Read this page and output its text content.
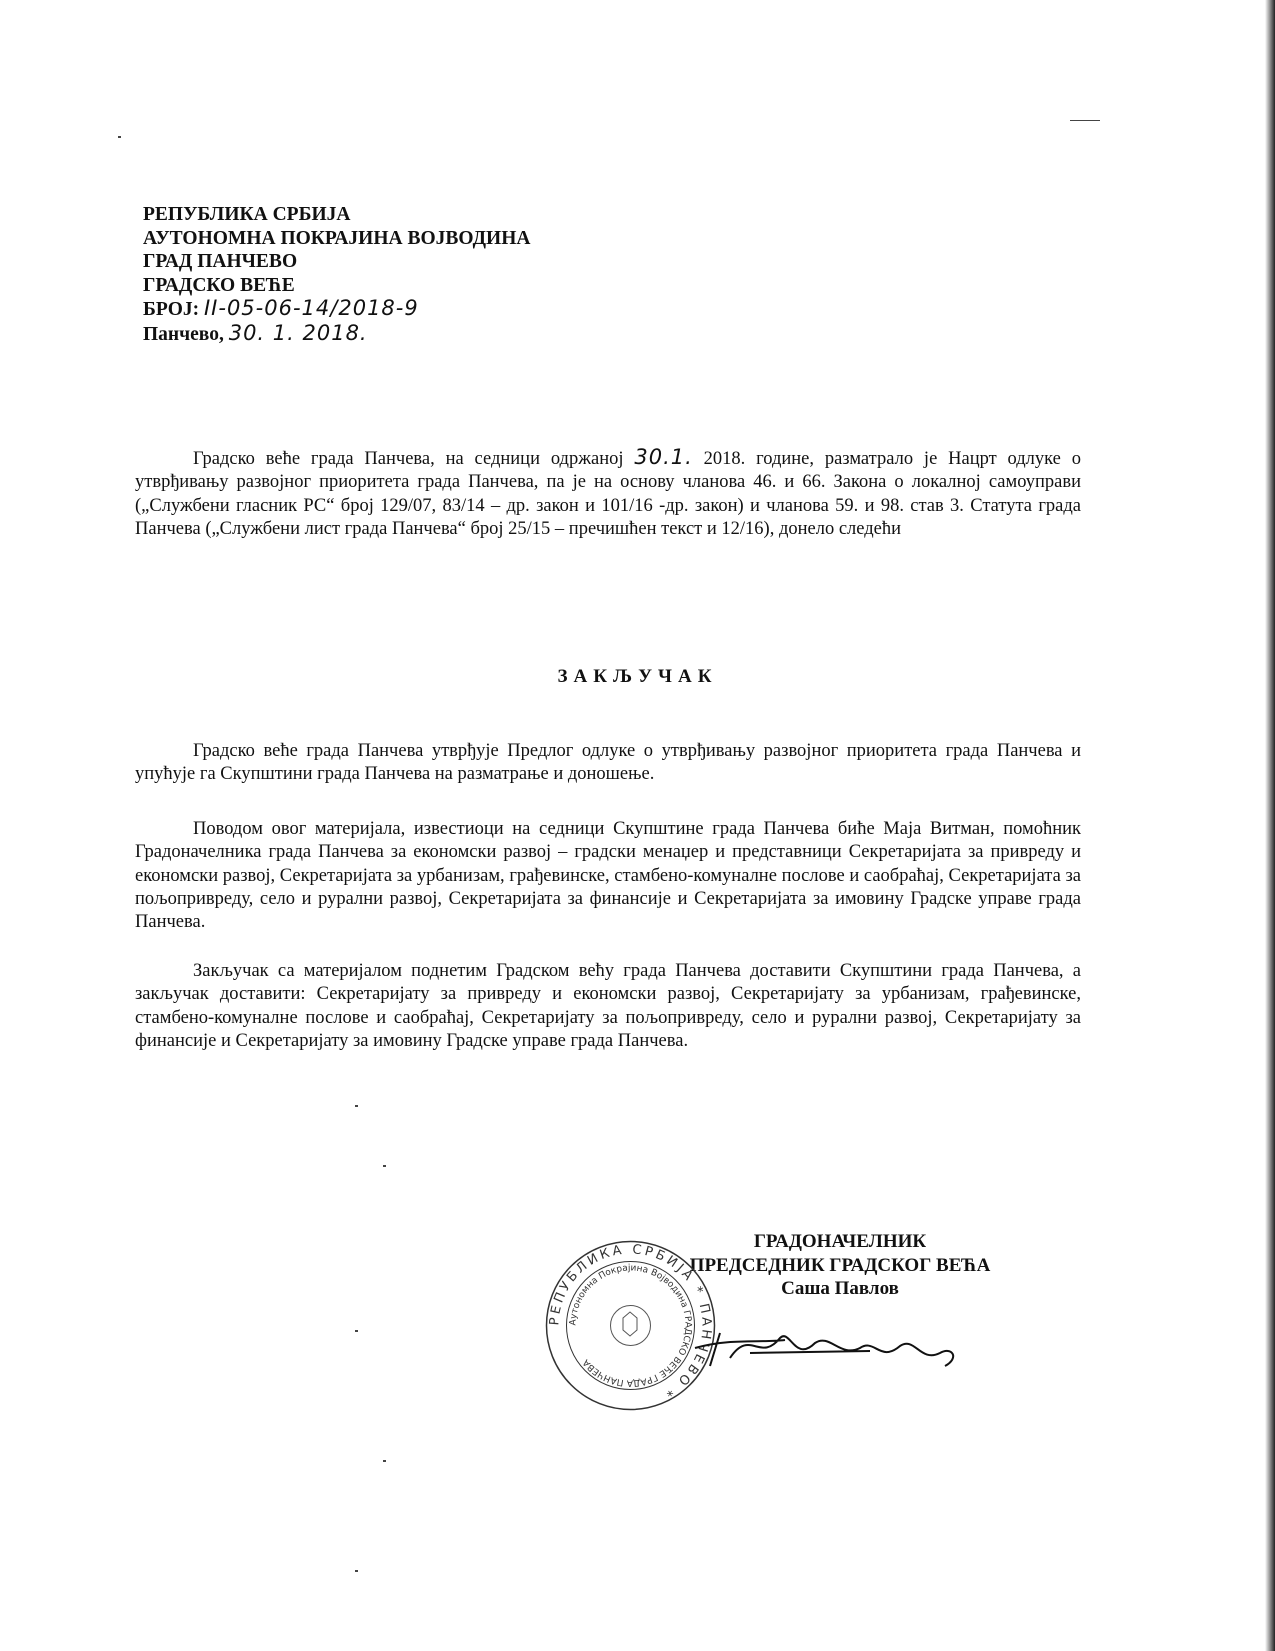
РЕПУБЛИКА СРБИЈА
АУТОНОМНА ПОКРАЈИНА ВОЈВОДИНА
ГРАД ПАНЧЕВО
ГРАДСКО ВЕЋЕ
БРОЈ: II-05-06-14/2018-9
Панчево, 30. 1. 2018.
Градско веће града Панчева, на седници одржаној 30.1. 2018. године, разматрало је Нацрт одлуке о утврђивању развојног приоритета града Панчева, па је на основу чланова 46. и 66. Закона о локалној самоуправи („Службени гласник РС“ број 129/07, 83/14 – др. закон и 101/16 -др. закон) и чланова 59. и 98. став 3. Статута града Панчева („Службени лист града Панчева“ број 25/15 – пречишћен текст и 12/16), донело следећи
ЗАКЉУЧАК
Градско веће града Панчева утврђује Предлог одлуке о утврђивању развојног приоритета града Панчева и упућује га Скупштини града Панчева на разматрање и доношење.
Поводом овог материјала, известиоци на седници Скупштине града Панчева биће Маја Витман, помоћник Градоначелника града Панчева за економски развој – градски менаџер и представници Секретаријата за привреду и економски развој, Секретаријата за урбанизам, грађевинске, стамбено-комуналне послове и саобраћај, Секретаријата за пољопривреду, село и рурални развој, Секретаријата за финансије и Секретаријата за имовину Градске управе града Панчева.
Закључак са материјалом поднетим Градском већу града Панчева доставити Скупштини града Панчева, а закључак доставити: Секретаријату за привреду и економски развој, Секретаријату за урбанизам, грађевинске, стамбено-комуналне послове и саобраћај, Секретаријату за пољопривреду, село и рурални развој, Секретаријату за финансије и Секретаријату за имовину Градске управе града Панчева.
ГРАДОНАЧЕЛНИК
ПРЕДСЕДНИК ГРАДСКОГ ВЕЋА
Саша Павлов
РЕПУБЛИКА СРБИЈА * ПАНЧЕВО *
Аутономна Покрајина Војводина ГРАДСКО ВЕЋЕ ГРАДА ПАНЧЕВА
